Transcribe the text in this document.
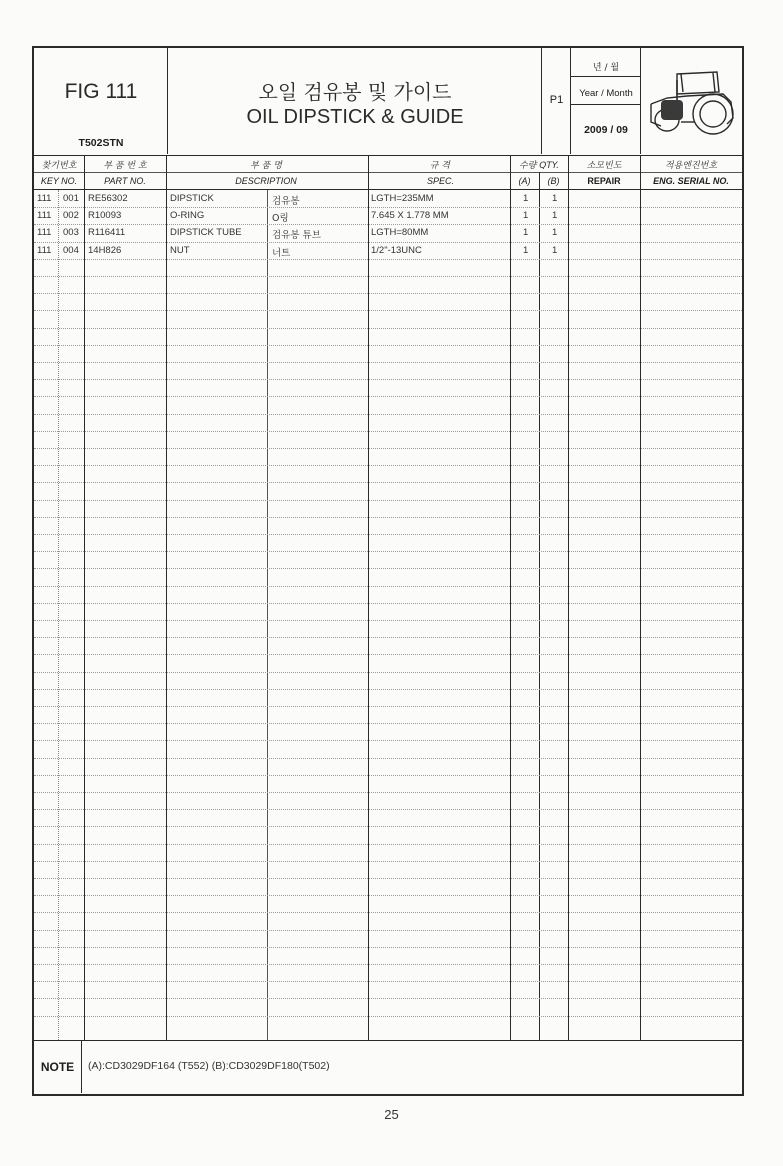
FIG 111
T502STN
오일 검유봉 및 가이드
OIL DIPSTICK & GUIDE
P1
년 / 월
Year / Month
2009 / 09
찾기번호
KEY NO.
부 품 번 호
PART NO.
부 품 명
DESCRIPTION
규 격
SPEC.
수량 QTY.
(A)	(B)
소모빈도
REPAIR
적용엔진번호
ENG. SERIAL NO.
111 001 RE56302	DIPSTICK	검유봉	LGTH=235MM	1 1
111 002 R10093	O-RING	O링	7.645 X 1.778 MM	1 1
111 003 R116411	DIPSTICK TUBE	검유봉 튜브	LGTH=80MM	1 1
111 004 14H826	NUT	너트	1/2"-13UNC	1 1
NOTE	(A):CD3029DF164 (T552) (B):CD3029DF180(T502)
25
